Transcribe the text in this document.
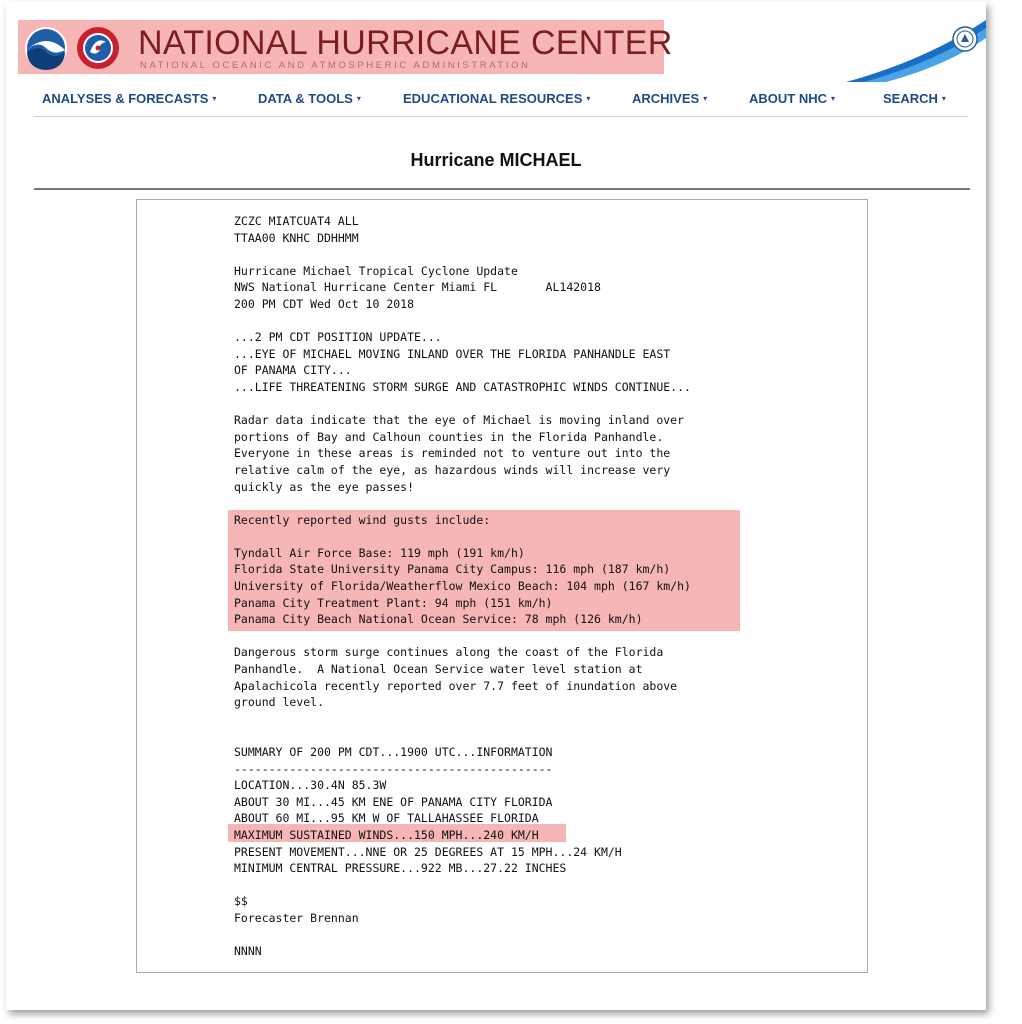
NATIONAL HURRICANE CENTER
NATIONAL OCEANIC AND ATMOSPHERIC ADMINISTRATION
ANALYSES & FORECASTS ▾	DATA & TOOLS ▾	EDUCATIONAL RESOURCES ▾	ARCHIVES ▾	ABOUT NHC ▾	SEARCH ▾
Hurricane MICHAEL
ZCZC MIATCUAT4 ALL
TTAA00 KNHC DDHHMM
Hurricane Michael Tropical Cyclone Update
NWS National Hurricane Center Miami FL       AL142018
200 PM CDT Wed Oct 10 2018
...2 PM CDT POSITION UPDATE...
...EYE OF MICHAEL MOVING INLAND OVER THE FLORIDA PANHANDLE EAST
OF PANAMA CITY...
...LIFE THREATENING STORM SURGE AND CATASTROPHIC WINDS CONTINUE...
Radar data indicate that the eye of Michael is moving inland over
portions of Bay and Calhoun counties in the Florida Panhandle.
Everyone in these areas is reminded not to venture out into the
relative calm of the eye, as hazardous winds will increase very
quickly as the eye passes!
Recently reported wind gusts include:
Tyndall Air Force Base: 119 mph (191 km/h)
Florida State University Panama City Campus: 116 mph (187 km/h)
University of Florida/Weatherflow Mexico Beach: 104 mph (167 km/h)
Panama City Treatment Plant: 94 mph (151 km/h)
Panama City Beach National Ocean Service: 78 mph (126 km/h)
Dangerous storm surge continues along the coast of the Florida
Panhandle.  A National Ocean Service water level station at
Apalachicola recently reported over 7.7 feet of inundation above
ground level.
SUMMARY OF 200 PM CDT...1900 UTC...INFORMATION
----------------------------------------------
LOCATION...30.4N 85.3W
ABOUT 30 MI...45 KM ENE OF PANAMA CITY FLORIDA
ABOUT 60 MI...95 KM W OF TALLAHASSEE FLORIDA
MAXIMUM SUSTAINED WINDS...150 MPH...240 KM/H
PRESENT MOVEMENT...NNE OR 25 DEGREES AT 15 MPH...24 KM/H
MINIMUM CENTRAL PRESSURE...922 MB...27.22 INCHES
$$
Forecaster Brennan
NNNN
